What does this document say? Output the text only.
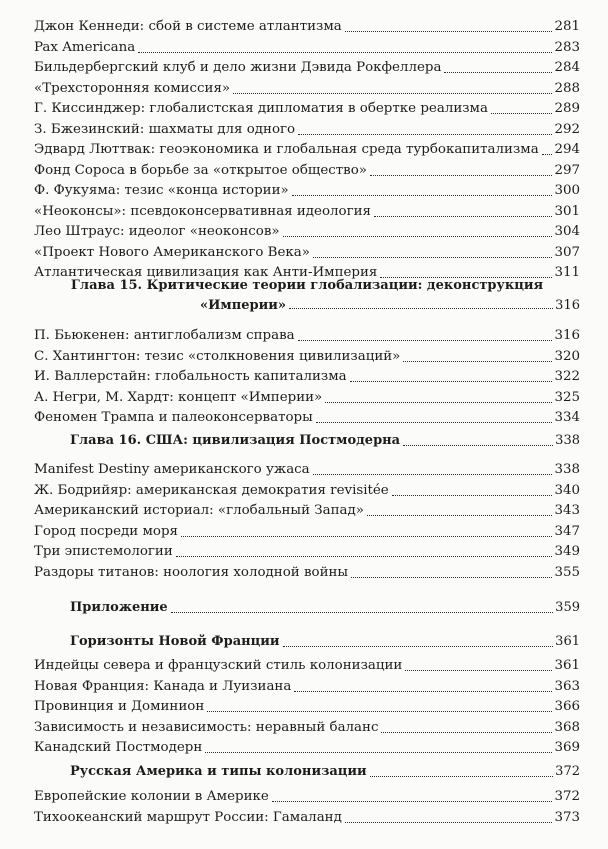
Джон Кеннеди: сбой в системе атлантизма	281
Pax Americana	283
Бильдербергский клуб и дело жизни Дэвида Рокфеллера	284
«Трехсторонняя комиссия»	288
Г. Киссинджер: глобалистская дипломатия в обертке реализма	289
З. Бжезинский: шахматы для одного	292
Эдвард Люттвак: геоэкономика и глобальная среда турбокапитализма 294
Фонд Сороса в борьбе за «открытое общество»	297
Ф. Фукуяма: тезис «конца истории»	300
«Неоконсы»: псевдоконсервативная идеология	301
Лео Штраус: идеолог «неоконсов»	304
«Проект Нового Американского Века»	307
Атлантическая цивилизация как Анти-Империя	311
Глава 15. Критические теории глобализации: деконструкция
«Империи»	316
П. Бьюкенен: антиглобализм справа	316
С. Хантингтон: тезис «столкновения цивилизаций»	320
И. Валлерстайн: глобальность капитализма	322
А. Негри, М. Хардт: концепт «Империи»	325
Феномен Трампа и палеоконсерваторы	334
Глава 16. США: цивилизация Постмодерна	338
Manifest Destiny американского ужаса	338
Ж. Бодрийяр: американская демократия revisitée	340
Американский историал: «глобальный Запад»	343
Город посреди моря	347
Три эпистемологии	349
Раздоры титанов: ноология холодной войны	355
Приложение	359
Горизонты Новой Франции	361
Индейцы севера и французский стиль колонизации	361
Новая Франция: Канада и Луизиана	363
Провинция и Доминион	366
Зависимость и независимость: неравный баланс	368
Канадский Постмодерн	369
Русская Америка и типы колонизации	372
Европейские колонии в Америке	372
Тихоокеанский маршрут России: Гамаланд	373
